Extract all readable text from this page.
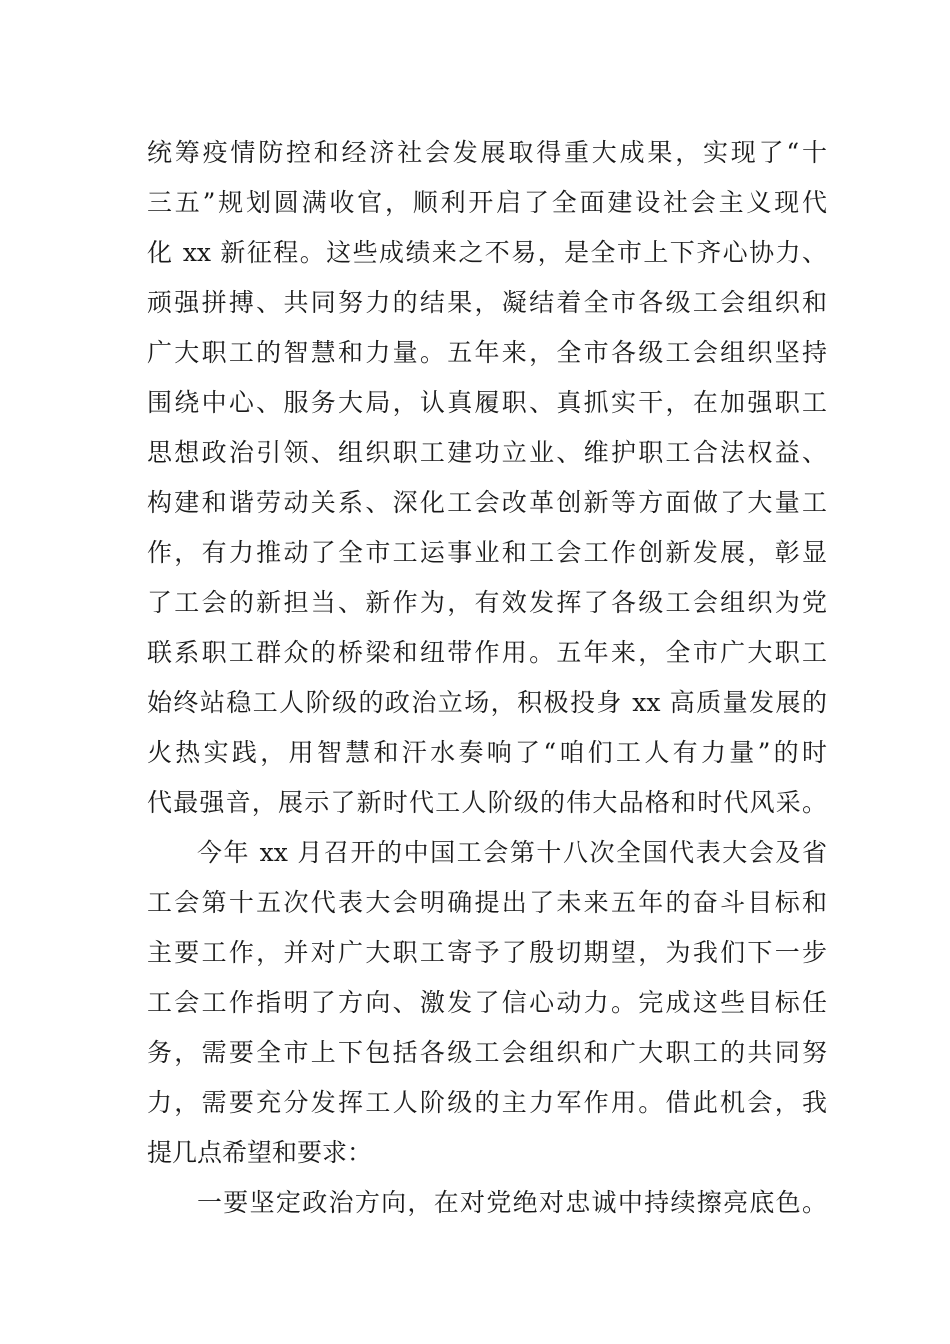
统筹疫情防控和经济社会发展取得重大成果，实现了“十
三五”规划圆满收官，顺利开启了全面建设社会主义现代
化 xx 新征程。这些成绩来之不易，是全市上下齐心协力、
顽强拼搏、共同努力的结果，凝结着全市各级工会组织和
广大职工的智慧和力量。五年来，全市各级工会组织坚持
围绕中心、服务大局，认真履职、真抓实干，在加强职工
思想政治引领、组织职工建功立业、维护职工合法权益、
构建和谐劳动关系、深化工会改革创新等方面做了大量工
作，有力推动了全市工运事业和工会工作创新发展，彰显
了工会的新担当、新作为，有效发挥了各级工会组织为党
联系职工群众的桥梁和纽带作用。五年来，全市广大职工
始终站稳工人阶级的政治立场，积极投身 xx 高质量发展的
火热实践，用智慧和汗水奏响了“咱们工人有力量”的时
代最强音，展示了新时代工人阶级的伟大品格和时代风采。
今年 xx 月召开的中国工会第十八次全国代表大会及省
工会第十五次代表大会明确提出了未来五年的奋斗目标和
主要工作，并对广大职工寄予了殷切期望，为我们下一步
工会工作指明了方向、激发了信心动力。完成这些目标任
务，需要全市上下包括各级工会组织和广大职工的共同努
力，需要充分发挥工人阶级的主力军作用。借此机会，我
提几点希望和要求：
一要坚定政治方向，在对党绝对忠诚中持续擦亮底色。
